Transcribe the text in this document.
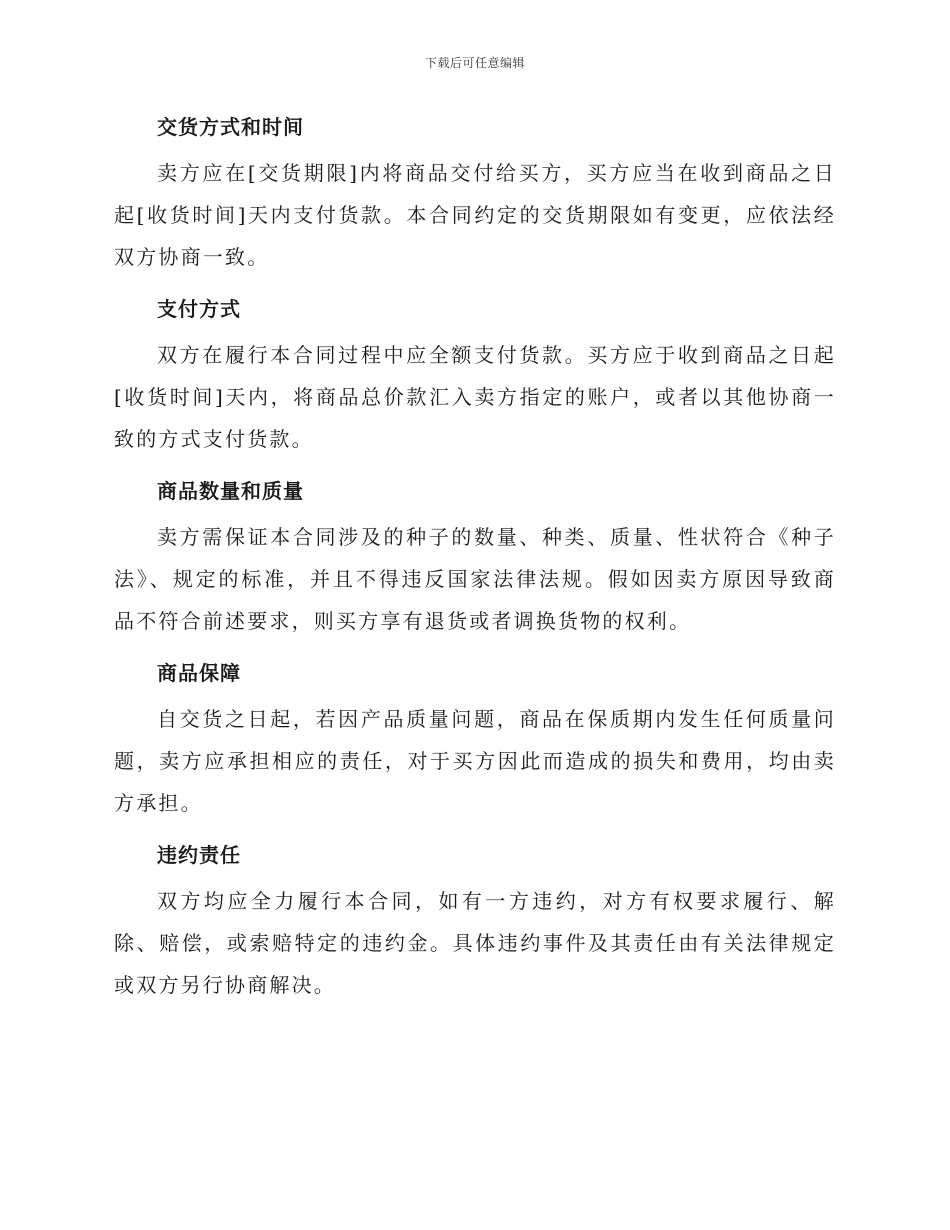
下载后可任意编辑
交货方式和时间

卖方应在[交货期限]内将商品交付给买方，买方应当在收到商品之日起[收货时间]天内支付货款。本合同约定的交货期限如有变更，应依法经双方协商一致。

支付方式

双方在履行本合同过程中应全额支付货款。买方应于收到商品之日起[收货时间]天内，将商品总价款汇入卖方指定的账户，或者以其他协商一致的方式支付货款。

商品数量和质量

卖方需保证本合同涉及的种子的数量、种类、质量、性状符合《种子法》、规定的标准，并且不得违反国家法律法规。假如因卖方原因导致商品不符合前述要求，则买方享有退货或者调换货物的权利。

商品保障

自交货之日起，若因产品质量问题，商品在保质期内发生任何质量问题，卖方应承担相应的责任，对于买方因此而造成的损失和费用，均由卖方承担。

违约责任

双方均应全力履行本合同，如有一方违约，对方有权要求履行、解除、赔偿，或索赔特定的违约金。具体违约事件及其责任由有关法律规定或双方另行协商解决。
